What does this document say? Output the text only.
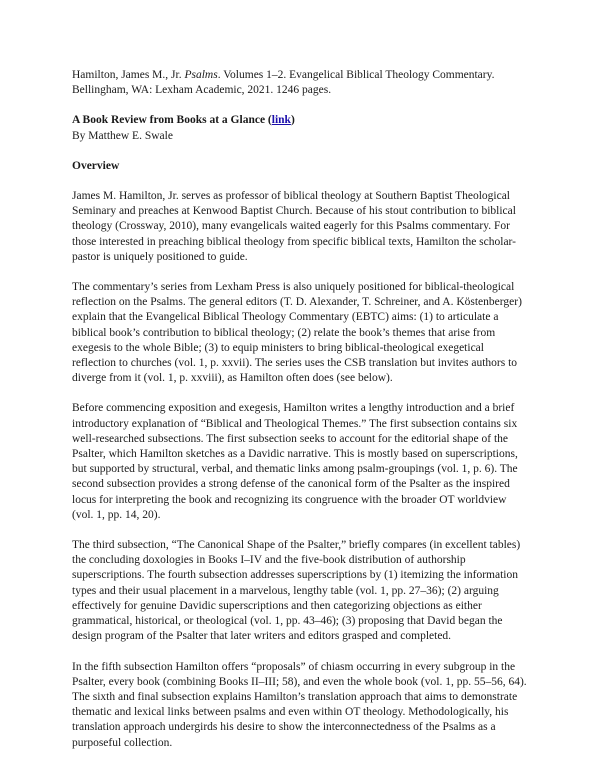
Hamilton, James M., Jr. Psalms. Volumes 1–2. Evangelical Biblical Theology Commentary. Bellingham, WA: Lexham Academic, 2021. 1246 pages.

A Book Review from Books at a Glance (link)

By Matthew E. Swale

Overview

James M. Hamilton, Jr. serves as professor of biblical theology at Southern Baptist Theological Seminary and preaches at Kenwood Baptist Church. Because of his stout contribution to biblical theology (Crossway, 2010), many evangelicals waited eagerly for this Psalms commentary. For those interested in preaching biblical theology from specific biblical texts, Hamilton the scholar-pastor is uniquely positioned to guide.

The commentary’s series from Lexham Press is also uniquely positioned for biblical-theological reflection on the Psalms. The general editors (T. D. Alexander, T. Schreiner, and A. Köstenberger) explain that the Evangelical Biblical Theology Commentary (EBTC) aims: (1) to articulate a biblical book’s contribution to biblical theology; (2) relate the book’s themes that arise from exegesis to the whole Bible; (3) to equip ministers to bring biblical-theological exegetical reflection to churches (vol. 1, p. xxvii). The series uses the CSB translation but invites authors to diverge from it (vol. 1, p. xxviii), as Hamilton often does (see below).

Before commencing exposition and exegesis, Hamilton writes a lengthy introduction and a brief introductory explanation of “Biblical and Theological Themes.” The first subsection contains six well-researched subsections. The first subsection seeks to account for the editorial shape of the Psalter, which Hamilton sketches as a Davidic narrative. This is mostly based on superscriptions, but supported by structural, verbal, and thematic links among psalm-groupings (vol. 1, p. 6). The second subsection provides a strong defense of the canonical form of the Psalter as the inspired locus for interpreting the book and recognizing its congruence with the broader OT worldview (vol. 1, pp. 14, 20).

The third subsection, “The Canonical Shape of the Psalter,” briefly compares (in excellent tables) the concluding doxologies in Books I–IV and the five-book distribution of authorship superscriptions. The fourth subsection addresses superscriptions by (1) itemizing the information types and their usual placement in a marvelous, lengthy table (vol. 1, pp. 27–36); (2) arguing effectively for genuine Davidic superscriptions and then categorizing objections as either grammatical, historical, or theological (vol. 1, pp. 43–46); (3) proposing that David began the design program of the Psalter that later writers and editors grasped and completed.

In the fifth subsection Hamilton offers “proposals” of chiasm occurring in every subgroup in the Psalter, every book (combining Books II–III; 58), and even the whole book (vol. 1, pp. 55–56, 64). The sixth and final subsection explains Hamilton’s translation approach that aims to demonstrate thematic and lexical links between psalms and even within OT theology. Methodologically, his translation approach undergirds his desire to show the interconnectedness of the Psalms as a purposeful collection.
